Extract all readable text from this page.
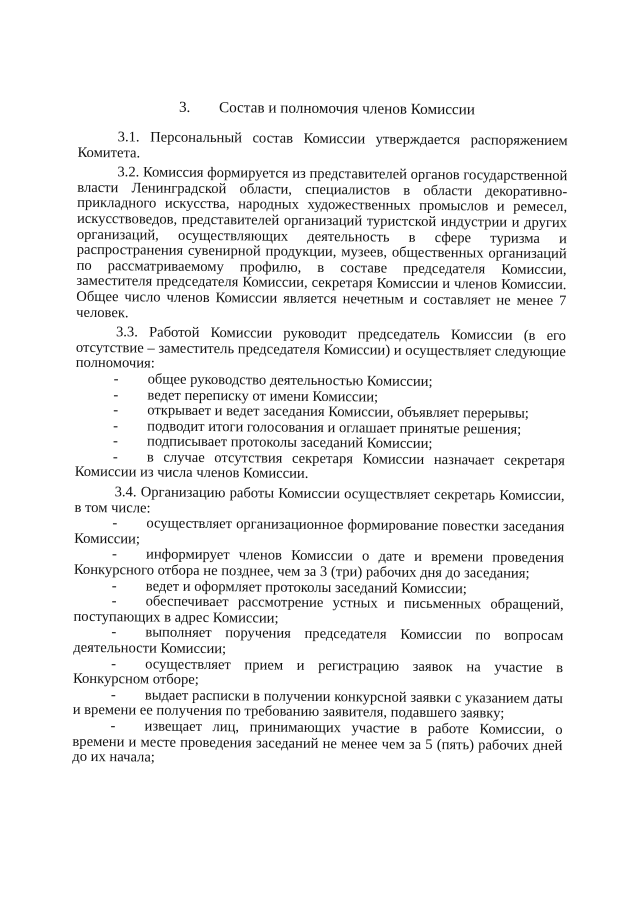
3. Состав и полномочия членов Комиссии

3.1. Персональный состав Комиссии утверждается распоряжением Комитета.

3.2. Комиссия формируется из представителей органов государственной власти Ленинградской области, специалистов в области декоративно-прикладного искусства, народных художественных промыслов и ремесел, искусствоведов, представителей организаций туристской индустрии и других организаций, осуществляющих деятельность в сфере туризма и распространения сувенирной продукции, музеев, общественных организаций по рассматриваемому профилю, в составе председателя Комиссии, заместителя председателя Комиссии, секретаря Комиссии и членов Комиссии. Общее число членов Комиссии является нечетным и составляет не менее 7 человек.

3.3. Работой Комиссии руководит председатель Комиссии (в его отсутствие – заместитель председателя Комиссии) и осуществляет следующие полномочия:

- общее руководство деятельностью Комиссии;

- ведет переписку от имени Комиссии;

- открывает и ведет заседания Комиссии, объявляет перерывы;

- подводит итоги голосования и оглашает принятые решения;

- подписывает протоколы заседаний Комиссии;

- в случае отсутствия секретаря Комиссии назначает секретаря Комиссии из числа членов Комиссии.

3.4. Организацию работы Комиссии осуществляет секретарь Комиссии, в том числе:

- осуществляет организационное формирование повестки заседания Комиссии;

- информирует членов Комиссии о дате и времени проведения Конкурсного отбора не позднее, чем за 3 (три) рабочих дня до заседания;

- ведет и оформляет протоколы заседаний Комиссии;

- обеспечивает рассмотрение устных и письменных обращений, поступающих в адрес Комиссии;

- выполняет поручения председателя Комиссии по вопросам деятельности Комиссии;

- осуществляет прием и регистрацию заявок на участие в Конкурсном отборе;

- выдает расписки в получении конкурсной заявки с указанием даты и времени ее получения по требованию заявителя, подавшего заявку;

- извещает лиц, принимающих участие в работе Комиссии, о времени и месте проведения заседаний не менее чем за 5 (пять) рабочих дней до их начала;
